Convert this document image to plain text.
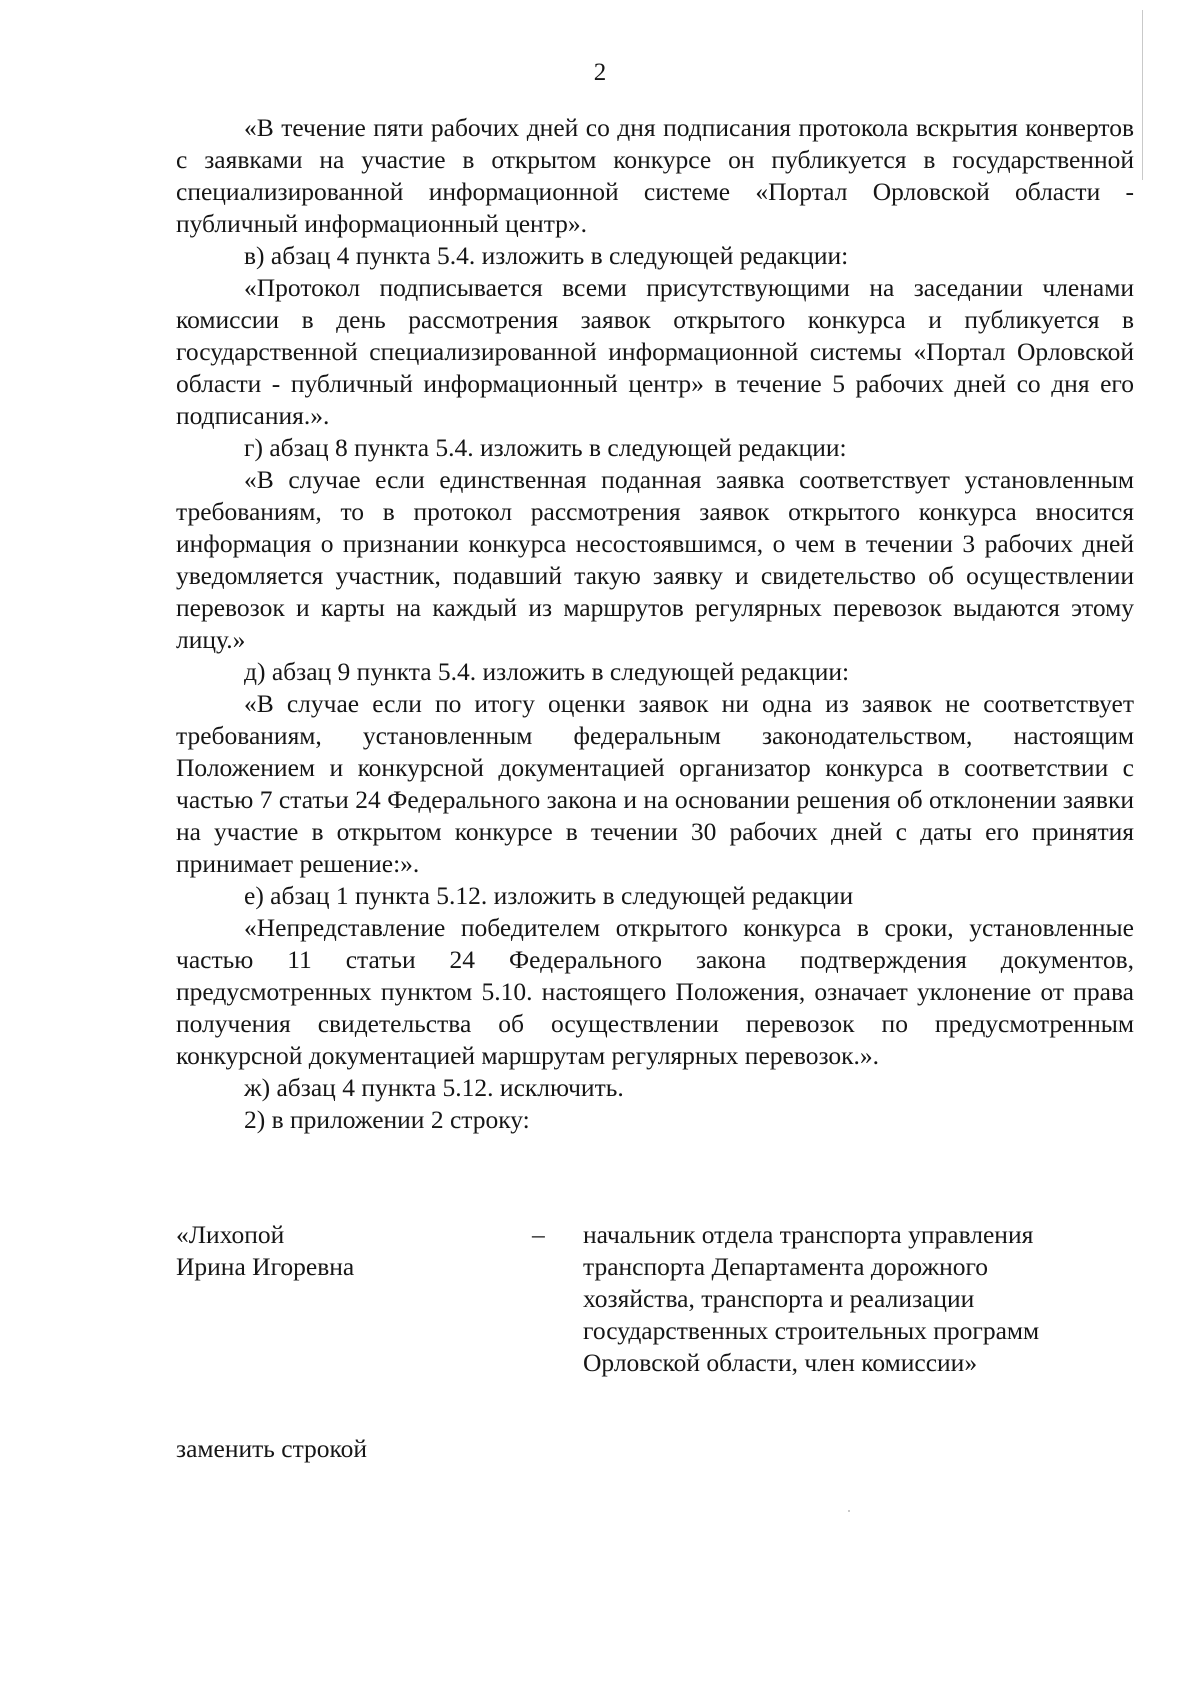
2

«В течение пяти рабочих дней со дня подписания протокола вскрытия конвертов с заявками на участие в открытом конкурсе он публикуется в государственной специализированной информационной системе «Портал Орловской области - публичный информационный центр».

в) абзац 4 пункта 5.4. изложить в следующей редакции:

«Протокол подписывается всеми присутствующими на заседании членами комиссии в день рассмотрения заявок открытого конкурса и публикуется в государственной специализированной информационной системы «Портал Орловской области - публичный информационный центр» в течение 5 рабочих дней со дня его подписания.».

г) абзац 8 пункта 5.4. изложить в следующей редакции:

«В случае если единственная поданная заявка соответствует установленным требованиям, то в протокол рассмотрения заявок открытого конкурса вносится информация о признании конкурса несостоявшимся, о чем в течении 3 рабочих дней уведомляется участник, подавший такую заявку и свидетельство об осуществлении перевозок и карты на каждый из маршрутов регулярных перевозок выдаются этому лицу.»

д) абзац 9 пункта 5.4. изложить в следующей редакции:

«В случае если по итогу оценки заявок ни одна из заявок не соответствует требованиям, установленным федеральным законодательством, настоящим Положением и конкурсной документацией организатор конкурса в соответствии с частью 7 статьи 24 Федерального закона и на основании решения об отклонении заявки на участие в открытом конкурсе в течении 30 рабочих дней с даты его принятия принимает решение:».

е) абзац 1 пункта 5.12. изложить в следующей редакции

«Непредставление победителем открытого конкурса в сроки, установленные частью 11 статьи 24 Федерального закона подтверждения документов, предусмотренных пунктом 5.10. настоящего Положения, означает уклонение от права получения свидетельства об осуществлении перевозок по предусмотренным конкурсной документацией маршрутам регулярных перевозок.».

ж) абзац 4 пункта 5.12. исключить.

2) в приложении 2 строку:

«Лихопой
Ирина Игоревна
– начальник отдела транспорта управления
транспорта Департамента дорожного
хозяйства, транспорта и реализации
государственных строительных программ
Орловской области, член комиссии»
заменить строкой
